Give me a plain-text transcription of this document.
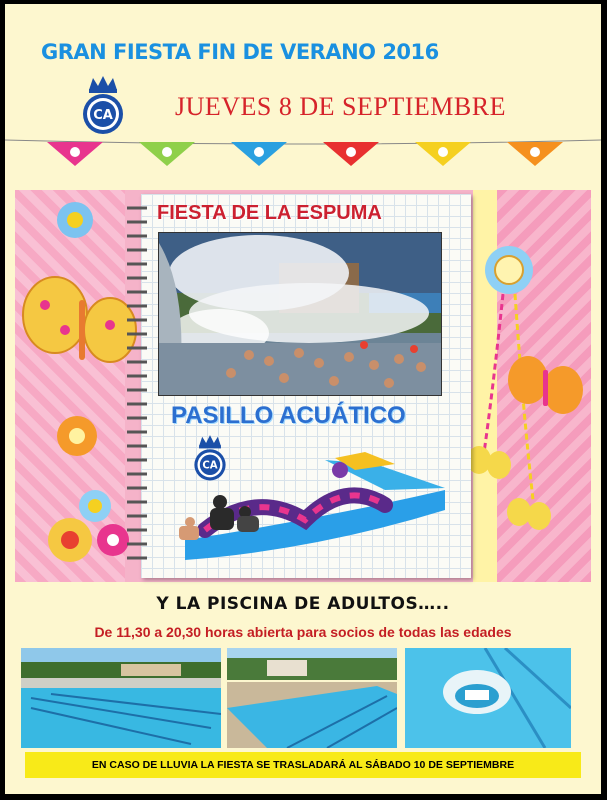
GRAN FIESTA FIN DE VERANO 2016
CA JUEVES 8 DE SEPTIEMBRE
FIESTA DE LA ESPUMA
PASILLO ACUÁTICO
CA
Y LA PISCINA DE ADULTOS…..
De 11,30 a 20,30 horas abierta para socios de todas las edades
EN CASO DE LLUVIA LA FIESTA SE TRASLADARÁ AL SÁBADO 10 DE SEPTIEMBRE
